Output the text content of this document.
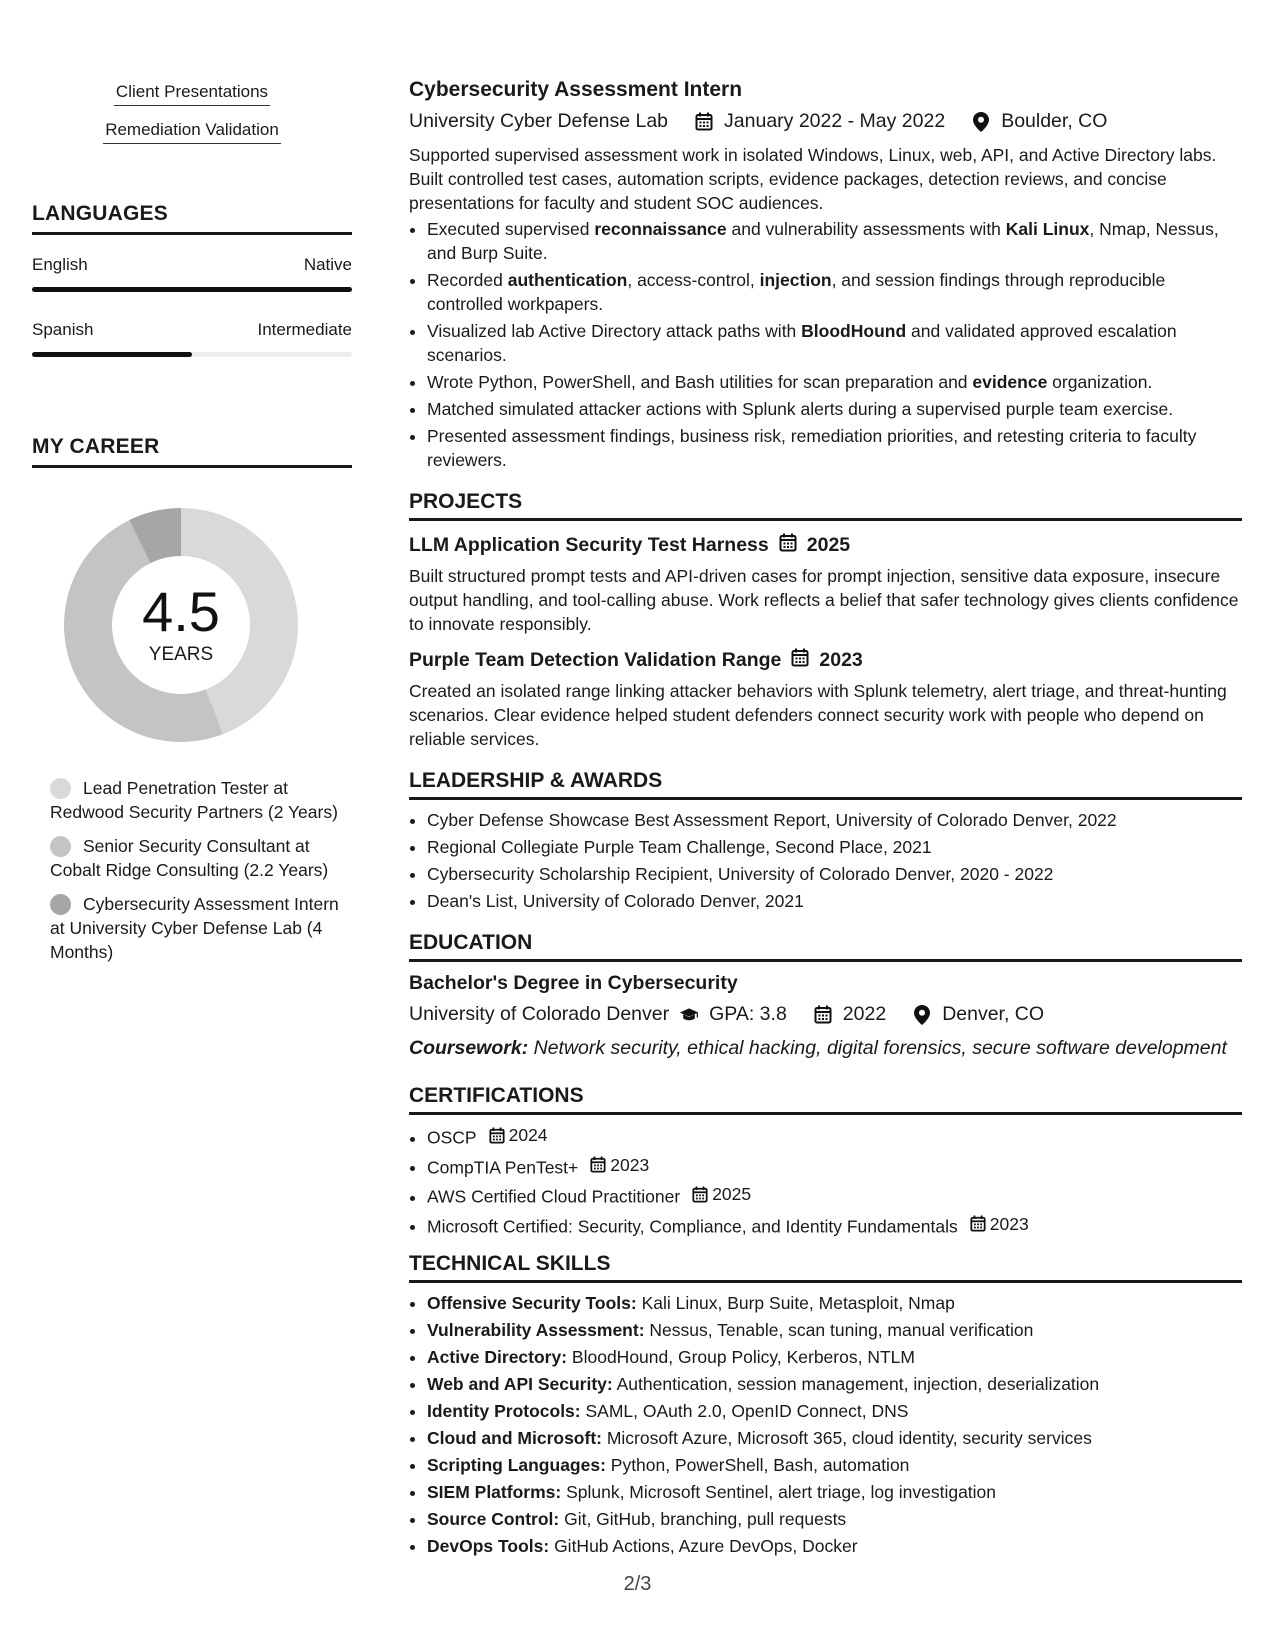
Client Presentations
Remediation Validation
LANGUAGES
English	Native
Spanish	Intermediate
MY CAREER
4.5
YEARS
Lead Penetration Tester at Redwood Security Partners (2 Years)
Senior Security Consultant at Cobalt Ridge Consulting (2.2 Years)
Cybersecurity Assessment Intern at University Cyber Defense Lab (4 Months)
Cybersecurity Assessment Intern
University Cyber Defense Lab	January 2022 - May 2022	Boulder, CO

Supported supervised assessment work in isolated Windows, Linux, web, API, and Active Directory labs. Built controlled test cases, automation scripts, evidence packages, detection reviews, and concise presentations for faculty and student SOC audiences.

• Executed supervised reconnaissance and vulnerability assessments with Kali Linux, Nmap, Nessus, and Burp Suite.
• Recorded authentication, access-control, injection, and session findings through reproducible controlled workpapers.
• Visualized lab Active Directory attack paths with BloodHound and validated approved escalation scenarios.
• Wrote Python, PowerShell, and Bash utilities for scan preparation and evidence organization.
• Matched simulated attacker actions with Splunk alerts during a supervised purple team exercise.
• Presented assessment findings, business risk, remediation priorities, and retesting criteria to faculty reviewers.
PROJECTS
LLM Application Security Test Harness 2025

Built structured prompt tests and API-driven cases for prompt injection, sensitive data exposure, insecure output handling, and tool-calling abuse. Work reflects a belief that safer technology gives clients confidence to innovate responsibly.

Purple Team Detection Validation Range 2023

Created an isolated range linking attacker behaviors with Splunk telemetry, alert triage, and threat-hunting scenarios. Clear evidence helped student defenders connect security work with people who depend on reliable services.

LEADERSHIP & AWARDS
• Cyber Defense Showcase Best Assessment Report, University of Colorado Denver, 2022
• Regional Collegiate Purple Team Challenge, Second Place, 2021
• Cybersecurity Scholarship Recipient, University of Colorado Denver, 2020 - 2022
• Dean's List, University of Colorado Denver, 2021
EDUCATION
Bachelor's Degree in Cybersecurity
University of Colorado Denver GPA: 3.8	2022	Denver, CO
Coursework: Network security, ethical hacking, digital forensics, secure software development
CERTIFICATIONS
• OSCP 2024
• CompTIA PenTest+ 2023
• AWS Certified Cloud Practitioner 2025
• Microsoft Certified: Security, Compliance, and Identity Fundamentals 2023
TECHNICAL SKILLS
• Offensive Security Tools: Kali Linux, Burp Suite, Metasploit, Nmap
• Vulnerability Assessment: Nessus, Tenable, scan tuning, manual verification
• Active Directory: BloodHound, Group Policy, Kerberos, NTLM
• Web and API Security: Authentication, session management, injection, deserialization
• Identity Protocols: SAML, OAuth 2.0, OpenID Connect, DNS
• Cloud and Microsoft: Microsoft Azure, Microsoft 365, cloud identity, security services
• Scripting Languages: Python, PowerShell, Bash, automation
• SIEM Platforms: Splunk, Microsoft Sentinel, alert triage, log investigation
• Source Control: Git, GitHub, branching, pull requests
• DevOps Tools: GitHub Actions, Azure DevOps, Docker
2/3
